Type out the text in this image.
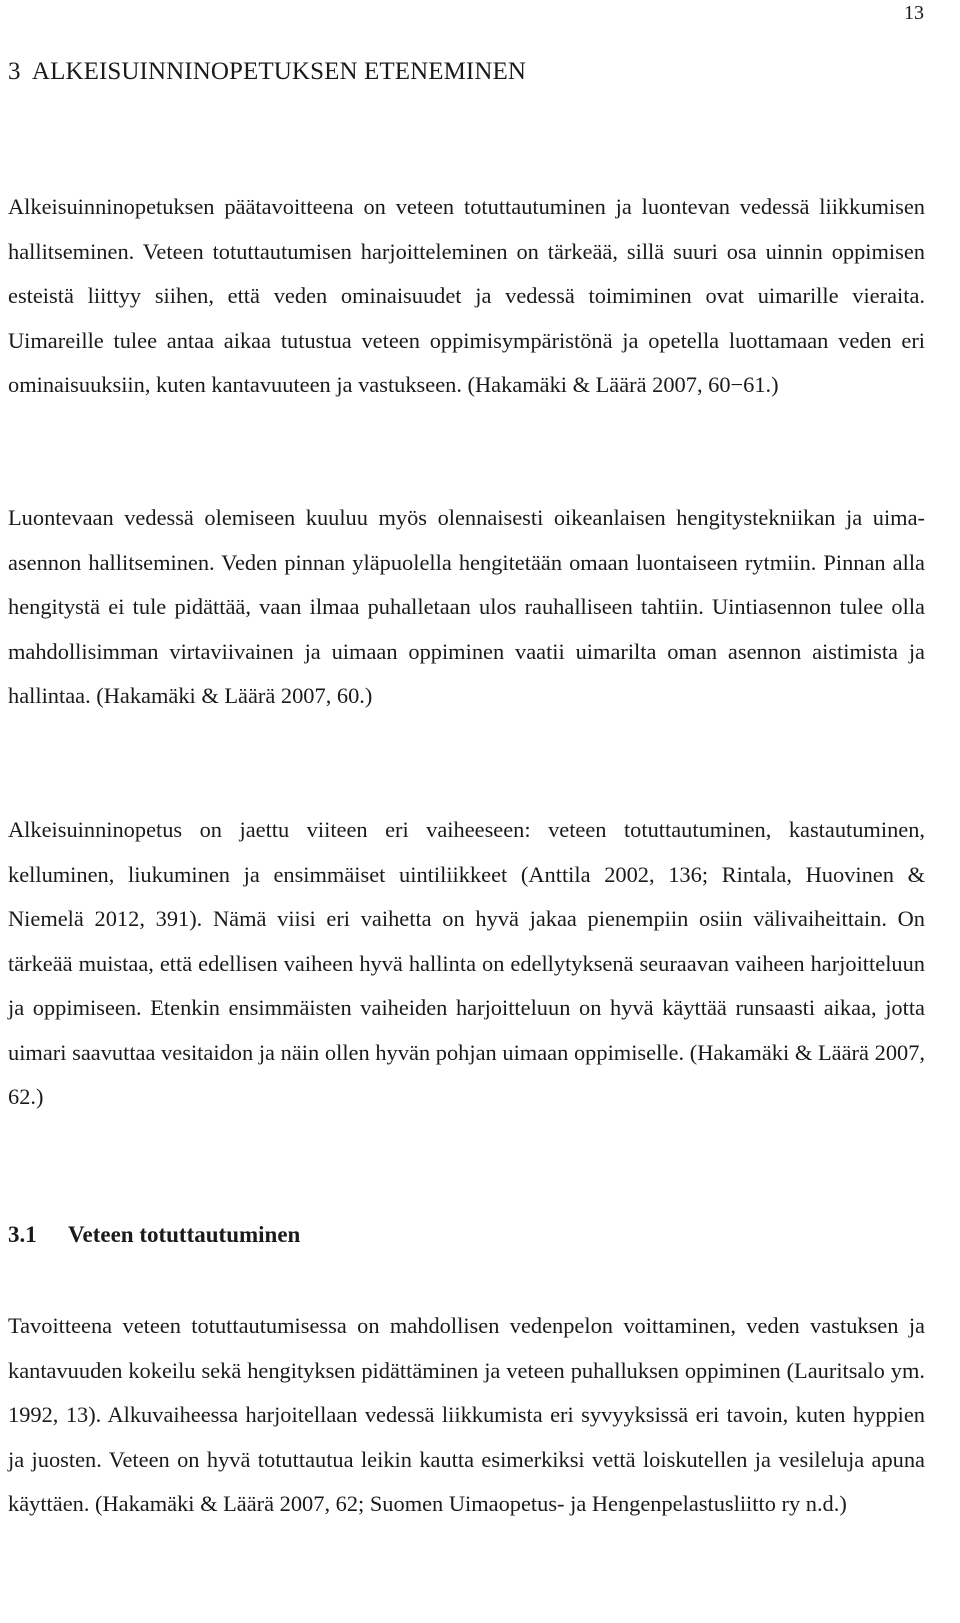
13
3  ALKEISUINNINOPETUKSEN ETENEMINEN

Alkeisuinninopetuksen päätavoitteena on veteen totuttautuminen ja luontevan vedessä liikkumisen hallitseminen. Veteen totuttautumisen harjoitteleminen on tärkeää, sillä suuri osa uinnin oppimisen esteistä liittyy siihen, että veden ominaisuudet ja vedessä toimiminen ovat uimarille vieraita. Uimareille tulee antaa aikaa tutustua veteen oppimisympäristönä ja opetella luottamaan veden eri ominaisuuksiin, kuten kantavuuteen ja vastukseen. (Hakamäki & Läärä 2007, 60−61.)

Luontevaan vedessä olemiseen kuuluu myös olennaisesti oikeanlaisen hengitystekniikan ja uima-asennon hallitseminen. Veden pinnan yläpuolella hengitetään omaan luontaiseen rytmiin. Pinnan alla hengitystä ei tule pidättää, vaan ilmaa puhalletaan ulos rauhalliseen tahtiin. Uintiasennon tulee olla mahdollisimman virtaviivainen ja uimaan oppiminen vaatii uimarilta oman asennon aistimista ja hallintaa. (Hakamäki & Läärä 2007, 60.)

Alkeisuinninopetus on jaettu viiteen eri vaiheeseen: veteen totuttautuminen, kastautuminen, kelluminen, liukuminen ja ensimmäiset uintiliikkeet (Anttila 2002, 136; Rintala, Huovinen & Niemelä 2012, 391). Nämä viisi eri vaihetta on hyvä jakaa pienempiin osiin välivaiheittain. On tärkeää muistaa, että edellisen vaiheen hyvä hallinta on edellytyksenä seuraavan vaiheen harjoitteluun ja oppimiseen. Etenkin ensimmäisten vaiheiden harjoitteluun on hyvä käyttää runsaasti aikaa, jotta uimari saavuttaa vesitaidon ja näin ollen hyvän pohjan uimaan oppimiselle. (Hakamäki & Läärä 2007, 62.)

3.1 Veteen totuttautuminen

Tavoitteena veteen totuttautumisessa on mahdollisen vedenpelon voittaminen, veden vastuksen ja kantavuuden kokeilu sekä hengityksen pidättäminen ja veteen puhalluksen oppiminen (Lauritsalo ym. 1992, 13). Alkuvaiheessa harjoitellaan vedessä liikkumista eri syvyyksissä eri tavoin, kuten hyppien ja juosten. Veteen on hyvä totuttautua leikin kautta esimerkiksi vettä loiskutellen ja vesileluja apuna käyttäen. (Hakamäki & Läärä 2007, 62; Suomen Uimaopetus- ja Hengenpelastusliitto ry n.d.)
